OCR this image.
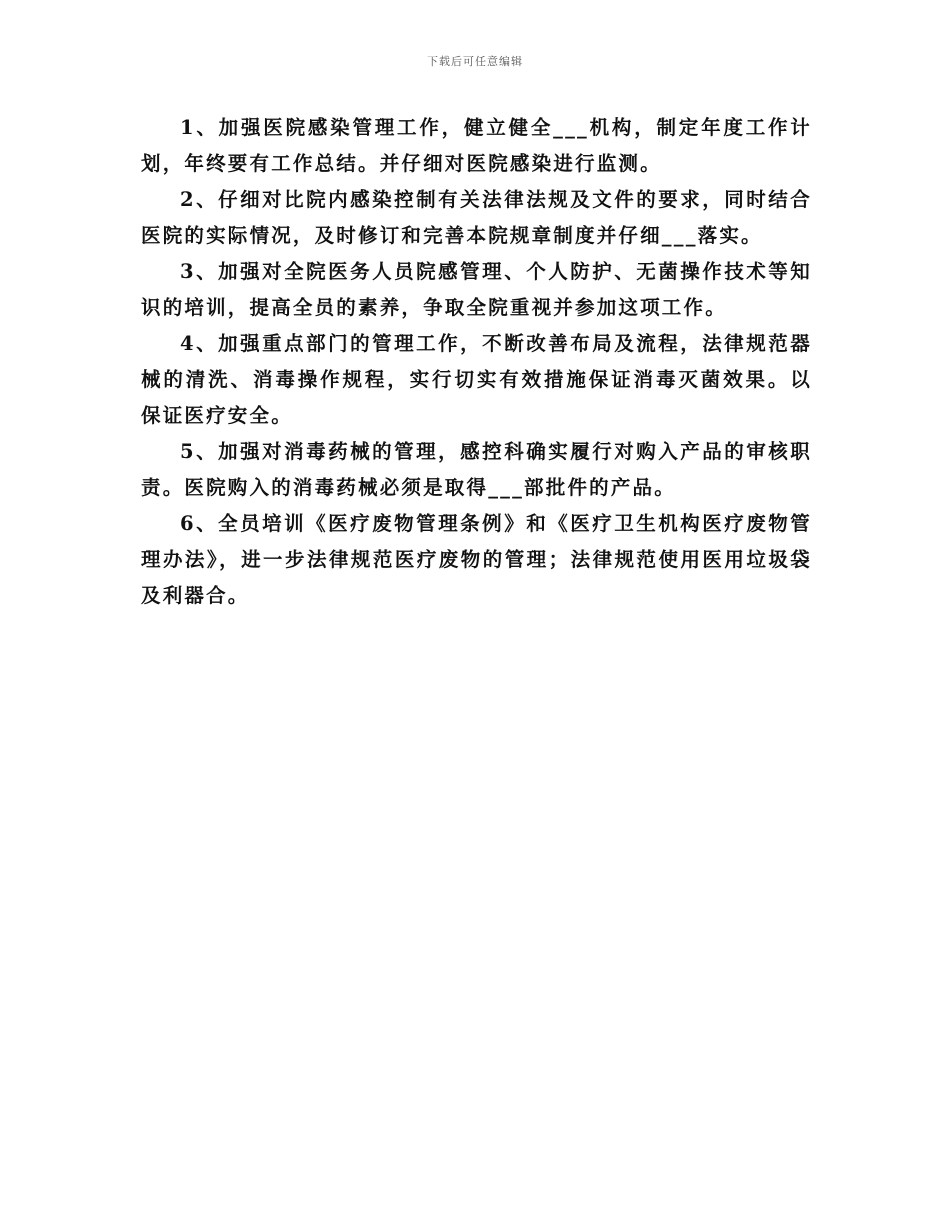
下载后可任意编辑

1、加强医院感染管理工作，健立健全___机构，制定年度工作计划，年终要有工作总结。并仔细对医院感染进行监测。

2、仔细对比院内感染控制有关法律法规及文件的要求，同时结合医院的实际情况，及时修订和完善本院规章制度并仔细___落实。

3、加强对全院医务人员院感管理、个人防护、无菌操作技术等知识的培训，提高全员的素养，争取全院重视并参加这项工作。

4、加强重点部门的管理工作，不断改善布局及流程，法律规范器械的清洗、消毒操作规程，实行切实有效措施保证消毒灭菌效果。以保证医疗安全。

5、加强对消毒药械的管理，感控科确实履行对购入产品的审核职责。医院购入的消毒药械必须是取得___部批件的产品。

6、全员培训《医疗废物管理条例》和《医疗卫生机构医疗废物管理办法》，进一步法律规范医疗废物的管理；法律规范使用医用垃圾袋及利器合。
